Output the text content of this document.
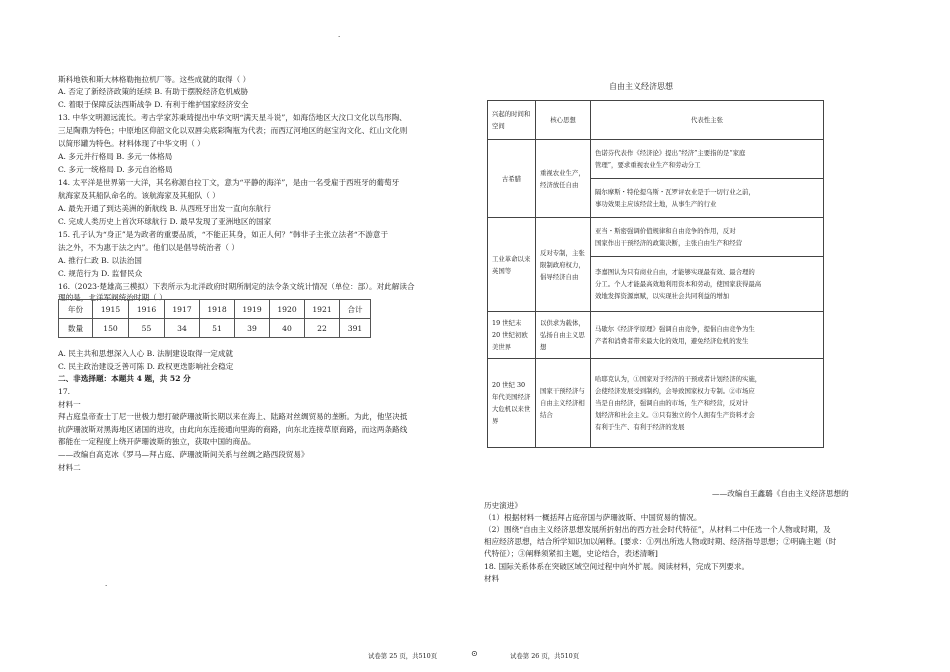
.
斯科地铁和斯大林格勒拖拉机厂等。这些成就的取得（ ）
A. 否定了新经济政策的延续 B. 有助于摆脱经济危机威胁
C. 着眼于保障反法西斯战争 D. 有利于维护国家经济安全
13. 中华文明源远流长。考古学家苏秉琦提出中华文明“满天星斗说”，如海岱地区大汶口文化以鸟形陶、
三足陶鼎为特色；中原地区仰韶文化以双唇尖底彩陶瓶为代表；而西辽河地区的赵宝沟文化、红山文化则
以简形罐为特色。材料体现了中华文明（ ）
A. 多元并行格局 B. 多元一体格局
C. 多元一统格局 D. 多元自治格局
14. 太平洋是世界第一大洋，其名称源自拉丁文，意为“平静的海洋”，是由一名受雇于西班牙的葡萄牙
航海家及其船队命名的。该航海家及其船队（ ）
A. 最先开通了到达美洲的新航线 B. 从西班牙出发一直向东航行
C. 完成人类历史上首次环球航行 D. 最早发现了亚洲地区的国家
15. 孔子认为“身正”是为政者的重要品质，“不能正其身，如正人何？”韩非子主张立法者“不游意于
法之外，不为惠于法之内”。他们以是倡导统治者（ ）
A. 推行仁政 B. 以法治国
C. 规范行为 D. 监督民众
16.（2023·楚雄高三模拟）下表所示为北洋政府时期所制定的法令条文统计情况（单位：部）。对此解读合
理的是，北洋军阀统治时期（ ）
年份	1915	1916	1917	1918	1919	1920	1921	合计
数量	150	55	34	51	39	40	22	391
A. 民主共和思想深入人心 B. 法制建设取得一定成就
C. 民主政治建设乏善可陈 D. 政权更迭影响社会稳定
二、非选择题：本题共 4 题，共 52 分
17.
材料一
拜占庭皇帝查士丁尼一世极力想打破萨珊波斯长期以来在海上、陆路对丝绸贸易的垄断。为此，他坚决抵
抗萨珊波斯对黑海地区诸国的进攻，由此向东连接通向里海的商路，向东北连接草原商路，而这两条路线
都能在一定程度上绕开萨珊波斯的独立，获取中国的商品。
——改编自高克冰《罗马—拜占庭、萨珊波斯间关系与丝绸之路西段贸易》
材料二
.
自由主义经济思想
兴起的时间和空间	核心思想	代表性主张
古希腊	重视农业生产，经济放任自由	色诺芬代表作《经济论》提出“经济”主要指的是“家庭
管理”，要求重视农业生产和劳动分工

		隔尔摩斯・特伦提乌斯・瓦罗评农业是于一切行业之前，
事功效果主应该经营土地，从事生产的行业

工业革命以来英国等	反对专制，主张限制政府权力，倡导经济自由	亚当・斯密强调价值规律和自由竞争的作用，反对
国家作出干预经济的政策决断，主张自由生产和经营

		李嘉图认为只有商业自由，才能够实现最有效、最合理的
分工。个人才能最高效地利用资本和劳动，使国家获得最高
效地发挥资源禀赋，以实现社会共同利益的增加

19 世纪末 20 世纪初欧美世界	以供求为载体，弘扬自由主义思想	马歇尔《经济学原理》强调自由竞争，提倡自由竞争为生
产者和消费者带来最大化的效用，避免经济危机的发生

20 世纪 30 年代美国经济大危机以来世界	国家干预经济与自由主义经济相结合	哈耶克认为，①国家对于经济的干预或者计划经济的实施，
会使经济发展受到制约，会导致国家权力专制。②市场应
当是自由经济，强调自由的市场，生产和经营，反对计
划经济和社会主义。③只有独立的个人拥有生产资料才会
有利于生产、有利于经济的发展
——改编自王鑫璐《自由主义经济思想的
历史演进》
（1）根据材料一概括拜占庭帝国与萨珊波斯、中国贸易的情况。
（2）围绕“自由主义经济思想发展所折射出的西方社会时代特征”，从材料二中任选一个人物或时期，及
相应经济思想，结合所学知识加以阐释。[要求：①列出所选人物或时期、经济指导思想；②明确主题（时
代特征）；③阐释须紧扣主题，史论结合，表述清晰]
18. 国际关系体系在突破区域空间过程中向外扩展。阅读材料，完成下列要求。
材料
试卷第 25 页，共510页	⊙	试卷第 26 页，共510页
